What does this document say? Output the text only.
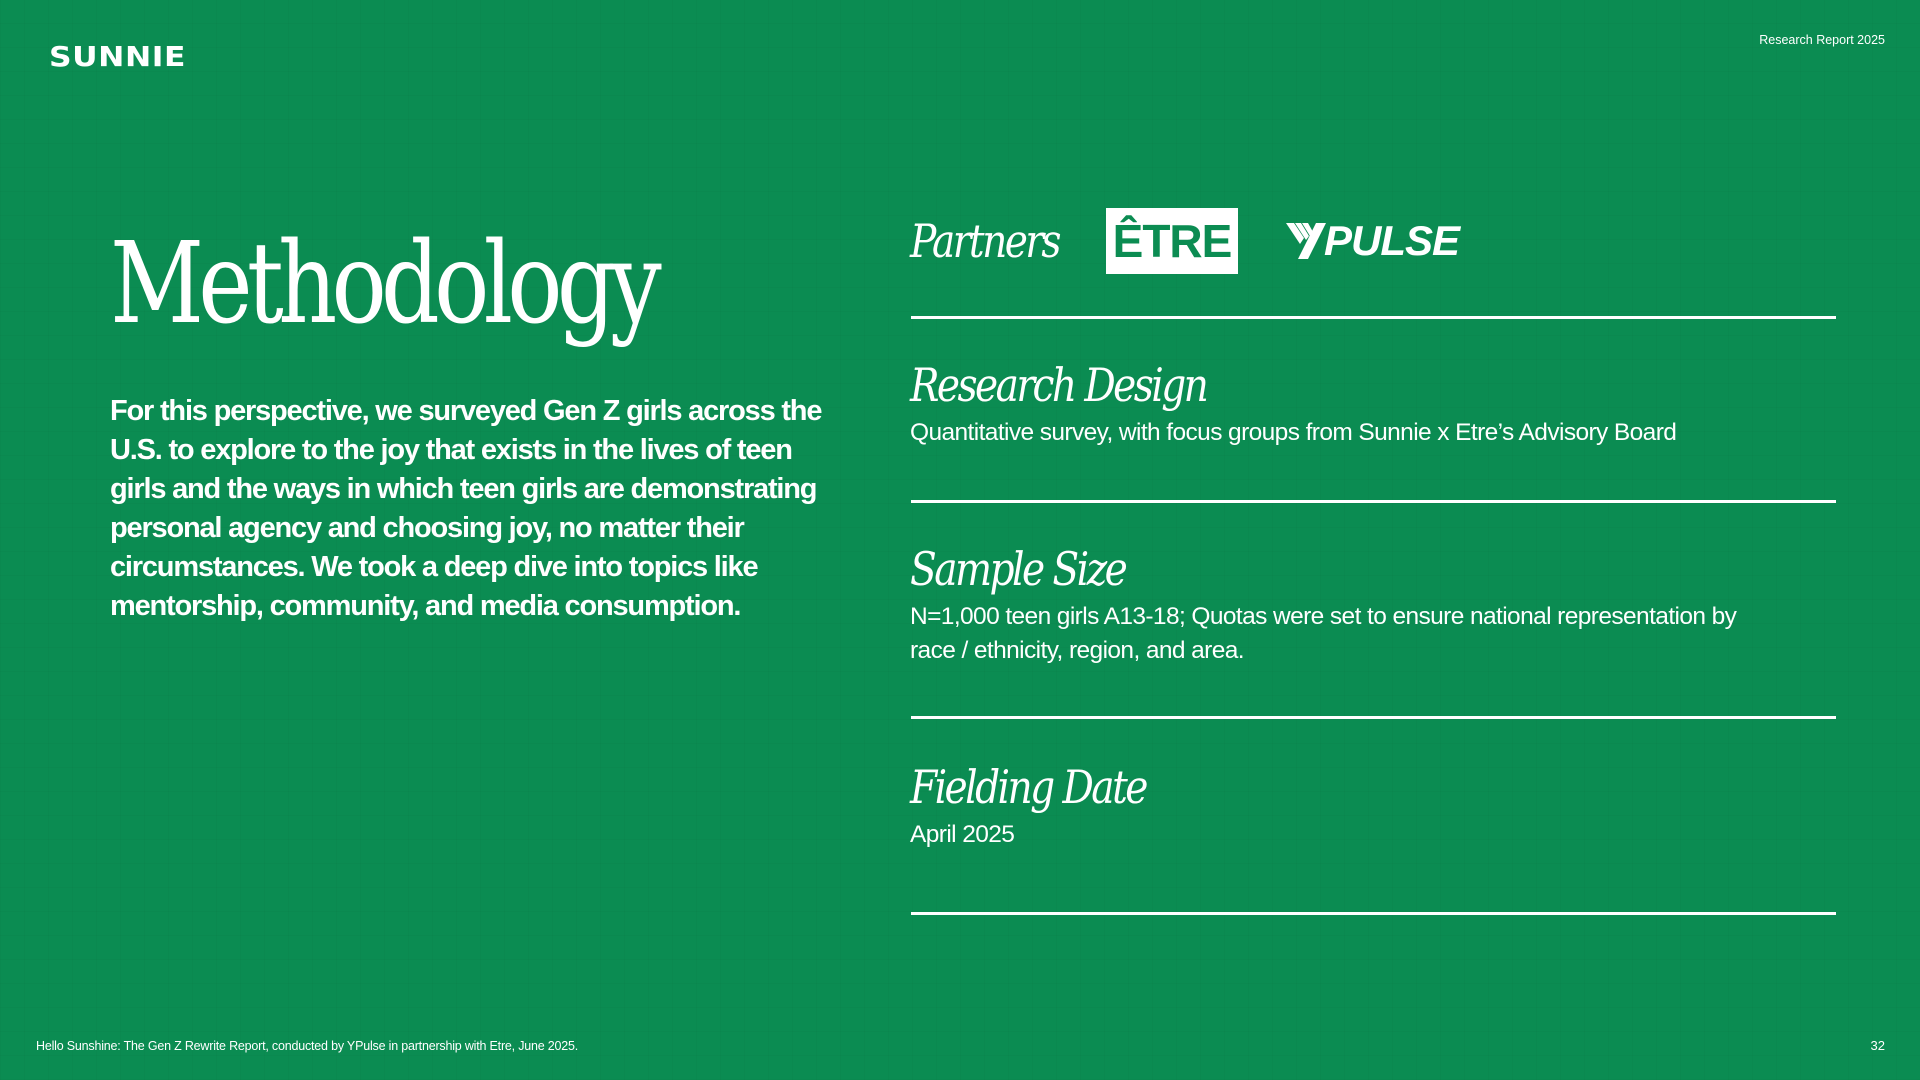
SUNNIE	Research Report 2025
Methodology
For this perspective, we surveyed Gen Z girls across the U.S. to explore to the joy that exists in the lives of teen girls and the ways in which teen girls are demonstrating personal agency and choosing joy, no matter their circumstances. We took a deep dive into topics like mentorship, community, and media consumption.
Partners ÊTRE PULSE
Research Design
Quantitative survey, with focus groups from Sunnie x Etre’s Advisory Board
Sample Size
N=1,000 teen girls A13-18; Quotas were set to ensure national representation by race / ethnicity, region, and area.
Fielding Date
April 2025
Hello Sunshine: The Gen Z Rewrite Report, conducted by YPulse in partnership with Etre, June 2025.	32
